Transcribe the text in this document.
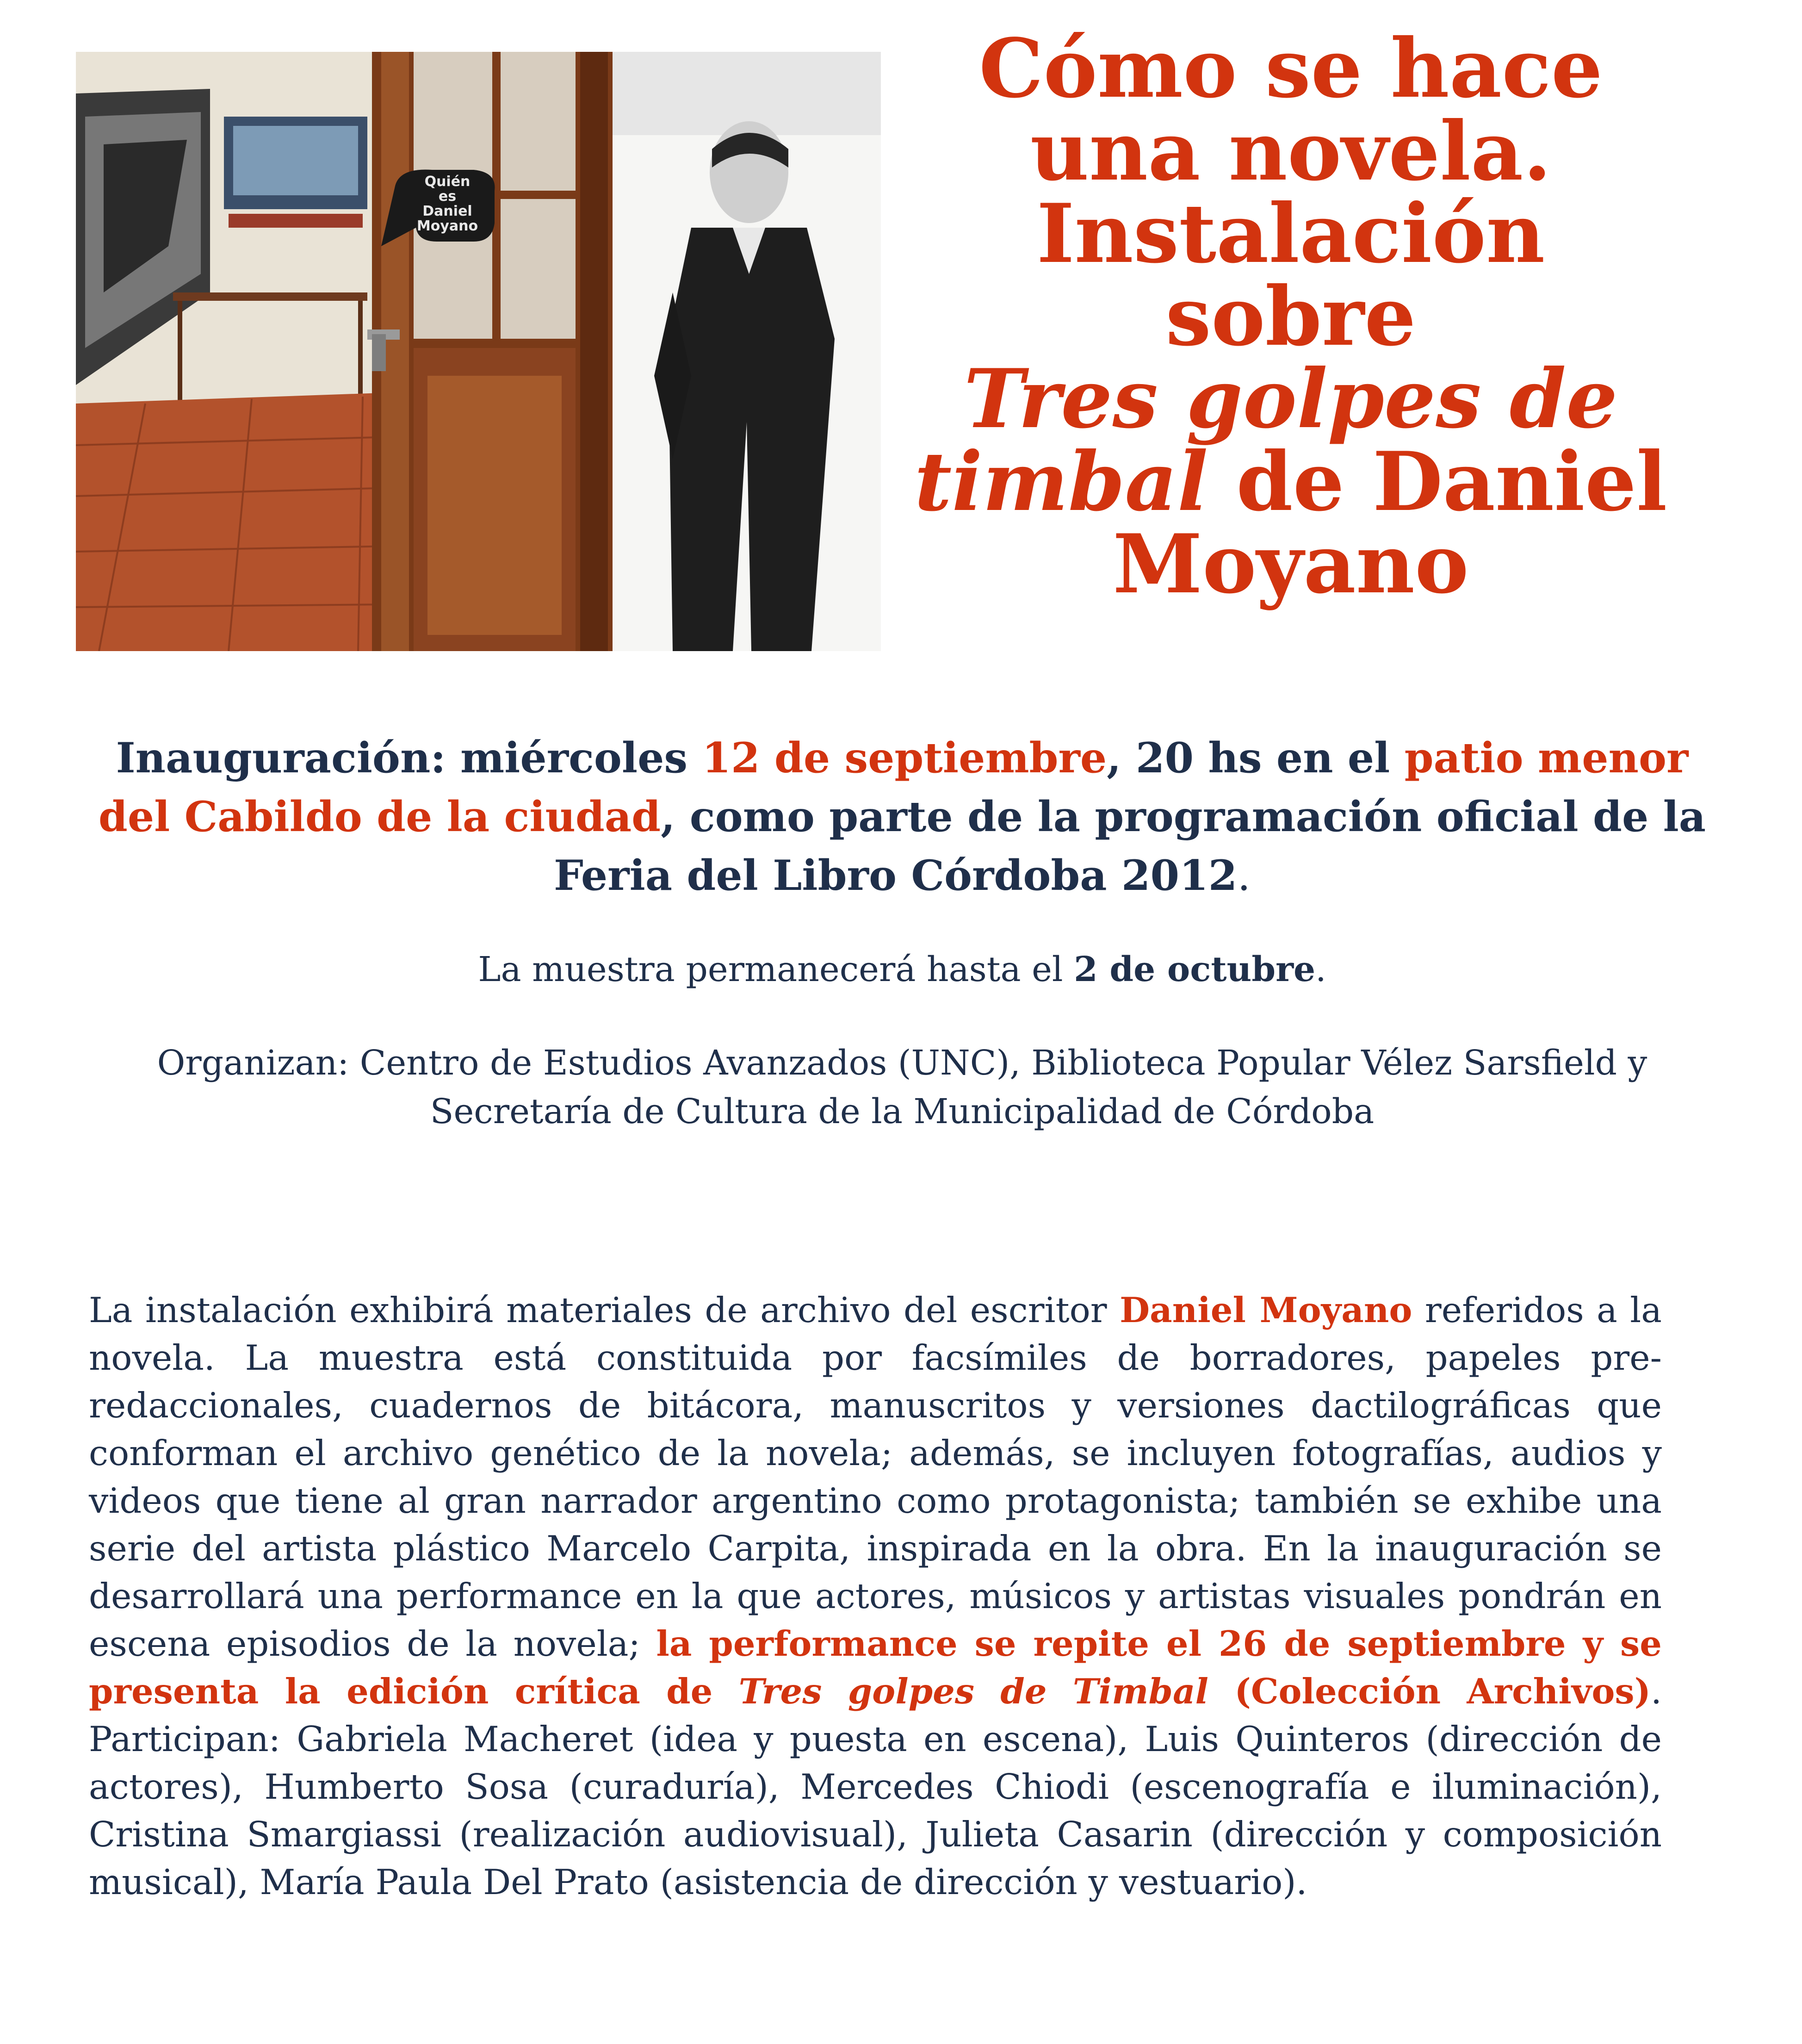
Quién
es
Daniel
Moyano
Cómo se hace
una novela.
Instalación sobre
Tres golpes de
timbal de Daniel
Moyano
Inauguración: miércoles 12 de septiembre, 20 hs en el patio menor del Cabildo de la ciudad, como parte de la programación oficial de la Feria del Libro Córdoba 2012.
La muestra permanecerá hasta el 2 de octubre.
Organizan: Centro de Estudios Avanzados (UNC), Biblioteca Popular Vélez Sarsfield y
Secretaría de Cultura de la Municipalidad de Córdoba
La instalación exhibirá materiales de archivo del escritor Daniel Moyano referidos a la novela. La muestra está constituida por facsímiles de borradores, papeles pre-redaccionales, cuadernos de bitácora, manuscritos y versiones dactilográficas que conforman el archivo genético de la novela; además, se incluyen fotografías, audios y videos que tiene al gran narrador argentino como protagonista; también se exhibe una serie del artista plástico Marcelo Carpita, inspirada en la obra. En la inauguración se desarrollará una performance en la que actores, músicos y artistas visuales pondrán en escena episodios de la novela; la performance se repite el 26 de septiembre y se presenta la edición crítica de Tres golpes de Timbal (Colección Archivos). Participan: Gabriela Macheret (idea y puesta en escena), Luis Quinteros (dirección de actores), Humberto Sosa (curaduría), Mercedes Chiodi (escenografía e iluminación), Cristina Smargiassi (realización audiovisual), Julieta Casarin (dirección y composición musical), María Paula Del Prato (asistencia de dirección y vestuario).
